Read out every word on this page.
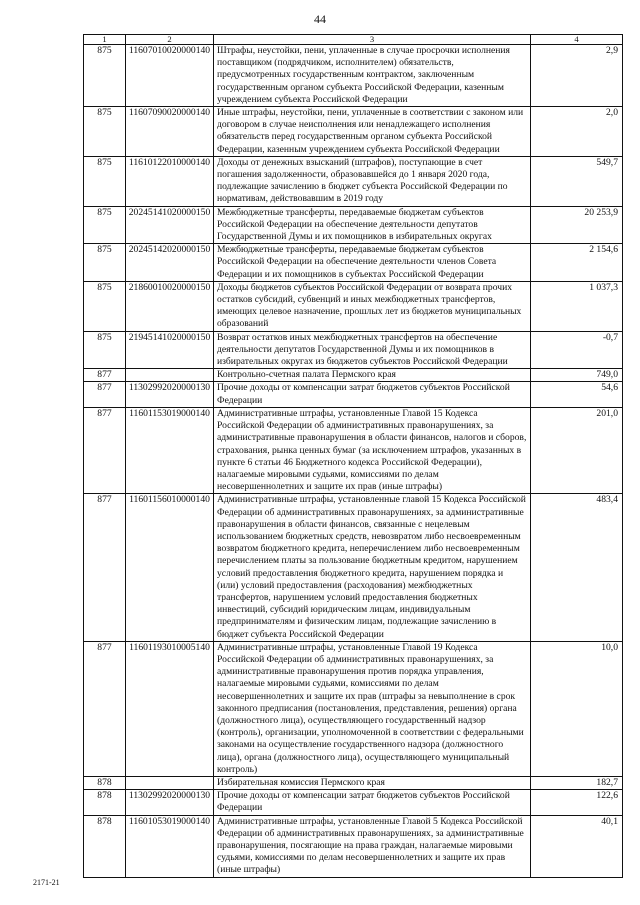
44
1	2	3	4
875	11607010020000140	Штрафы, неустойки, пени, уплаченные в случае просрочки исполнения поставщиком (подрядчиком, исполнителем) обязательств, предусмотренных государственным контрактом, заключенным государственным органом субъекта Российской Федерации, казенным учреждением субъекта Российской Федерации	2,9
875	11607090020000140	Иные штрафы, неустойки, пени, уплаченные в соответствии с законом или договором в случае неисполнения или ненадлежащего исполнения обязательств перед государственным органом субъекта Российской Федерации, казенным учреждением субъекта Российской Федерации	2,0
875	11610122010000140	Доходы от денежных взысканий (штрафов), поступающие в счет погашения задолженности, образовавшейся до 1 января 2020 года, подлежащие зачислению в бюджет субъекта Российской Федерации по нормативам, действовавшим в 2019 году	549,7
875	20245141020000150	Межбюджетные трансферты, передаваемые бюджетам субъектов Российской Федерации на обеспечение деятельности депутатов Государственной Думы и их помощников в избирательных округах	20 253,9
875	20245142020000150	Межбюджетные трансферты, передаваемые бюджетам субъектов Российской Федерации на обеспечение деятельности членов Совета Федерации и их помощников в субъектах Российской Федерации	2 154,6
875	21860010020000150	Доходы бюджетов субъектов Российской Федерации от возврата прочих остатков субсидий, субвенций и иных межбюджетных трансфертов, имеющих целевое назначение, прошлых лет из бюджетов муниципальных образований	1 037,3
875	21945141020000150	Возврат остатков иных межбюджетных трансфертов на обеспечение деятельности депутатов Государственной Думы и их помощников в избирательных округах из бюджетов субъектов Российской Федерации	-0,7
877		Контрольно-счетная палата Пермского края	749,0
877	11302992020000130	Прочие доходы от компенсации затрат бюджетов субъектов Российской Федерации	54,6
877	11601153019000140	Административные штрафы, установленные Главой 15 Кодекса Российской Федерации об административных правонарушениях, за административные правонарушения в области финансов, налогов и сборов, страхования, рынка ценных бумаг (за исключением штрафов, указанных в пункте 6 статьи 46 Бюджетного кодекса Российской Федерации), налагаемые мировыми судьями, комиссиями по делам несовершеннолетних и защите их прав (иные штрафы)	201,0
877	11601156010000140	Административные штрафы, установленные главой 15 Кодекса Российской Федерации об административных правонарушениях, за административные правонарушения в области финансов, связанные с нецелевым использованием бюджетных средств, невозвратом либо несвоевременным возвратом бюджетного кредита, неперечислением либо несвоевременным перечислением платы за пользование бюджетным кредитом, нарушением условий предоставления бюджетного кредита, нарушением порядка и (или) условий предоставления (расходования) межбюджетных трансфертов, нарушением условий предоставления бюджетных инвестиций, субсидий юридическим лицам, индивидуальным предпринимателям и физическим лицам, подлежащие зачислению в бюджет субъекта Российской Федерации	483,4
877	11601193010005140	Административные штрафы, установленные Главой 19 Кодекса Российской Федерации об административных правонарушениях, за административные правонарушения против порядка управления, налагаемые мировыми судьями, комиссиями по делам несовершеннолетних и защите их прав (штрафы за невыполнение в срок законного предписания (постановления, представления, решения) органа (должностного лица), осуществляющего государственный надзор (контроль), организации, уполномоченной в соответствии с федеральными законами на осуществление государственного надзора (должностного лица), органа (должностного лица), осуществляющего муниципальный контроль)	10,0
878		Избирательная комиссия Пермского края	182,7
878	11302992020000130	Прочие доходы от компенсации затрат бюджетов субъектов Российской Федерации	122,6
878	11601053019000140	Административные штрафы, установленные Главой 5 Кодекса Российской Федерации об административных правонарушениях, за административные правонарушения, посягающие на права граждан, налагаемые мировыми судьями, комиссиями по делам несовершеннолетних и защите их прав (иные штрафы)	40,1
2171-21
